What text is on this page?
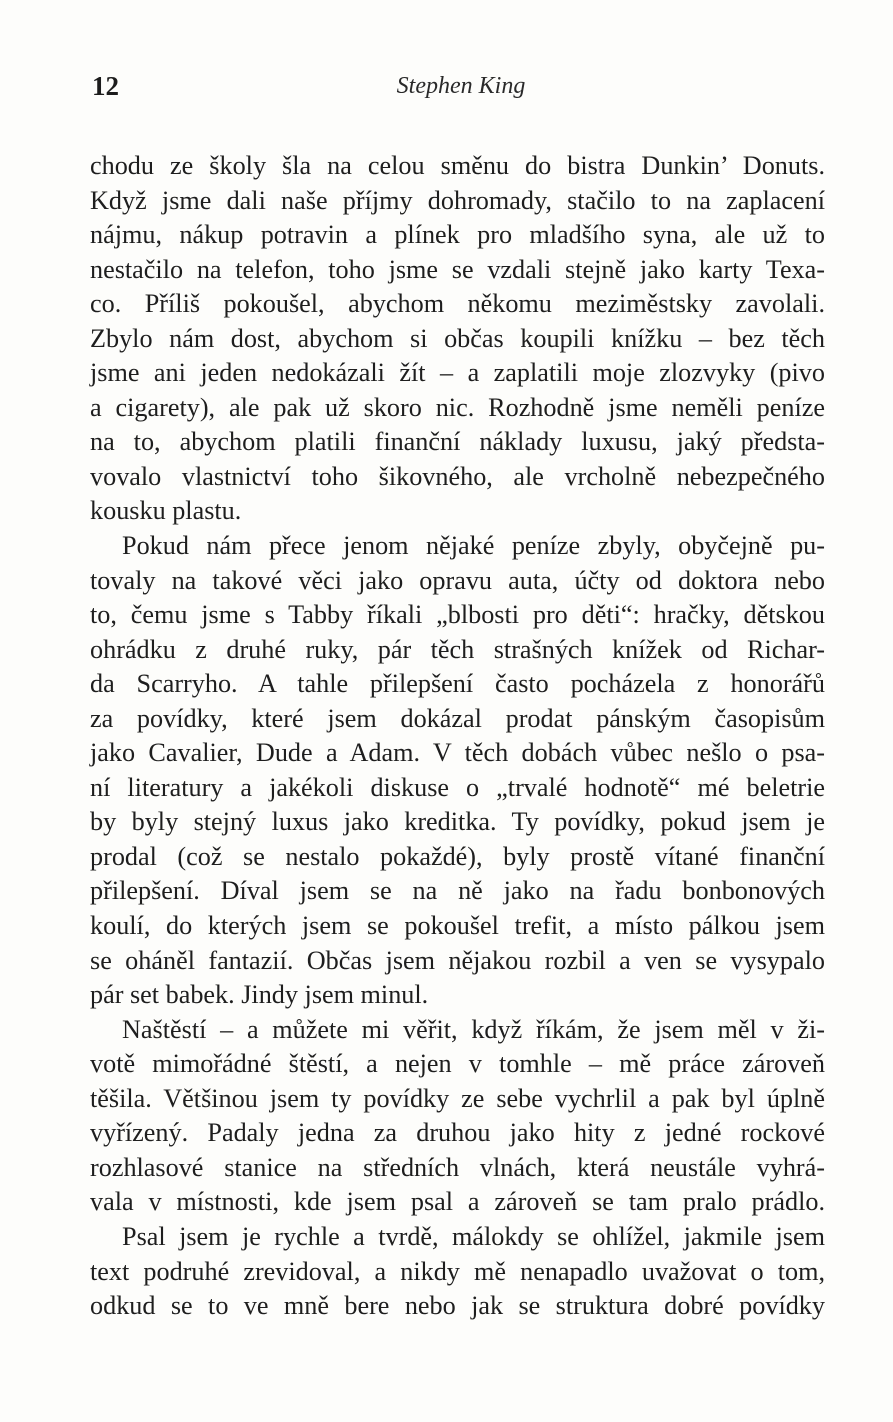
12	Stephen King
chodu ze školy šla na celou směnu do bistra Dunkin’ Donuts.
Když jsme dali naše příjmy dohromady, stačilo to na zaplacení
nájmu, nákup potravin a plínek pro mladšího syna, ale už to
nestačilo na telefon, toho jsme se vzdali stejně jako karty Texa-
co. Příliš pokoušel, abychom někomu meziměstsky zavolali.
Zbylo nám dost, abychom si občas koupili knížku – bez těch
jsme ani jeden nedokázali žít – a zaplatili moje zlozvyky (pivo
a cigarety), ale pak už skoro nic. Rozhodně jsme neměli peníze
na to, abychom platili finanční náklady luxusu, jaký předsta-
vovalo vlastnictví toho šikovného, ale vrcholně nebezpečného
kousku plastu.
Pokud nám přece jenom nějaké peníze zbyly, obyčejně pu-
tovaly na takové věci jako opravu auta, účty od doktora nebo
to, čemu jsme s Tabby říkali „blbosti pro děti“: hračky, dětskou
ohrádku z druhé ruky, pár těch strašných knížek od Richar-
da Scarryho. A tahle přilepšení často pocházela z honorářů
za povídky, které jsem dokázal prodat pánským časopisům
jako Cavalier, Dude a Adam. V těch dobách vůbec nešlo o psa-
ní literatury a jakékoli diskuse o „trvalé hodnotě“ mé beletrie
by byly stejný luxus jako kreditka. Ty povídky, pokud jsem je
prodal (což se nestalo pokaždé), byly prostě vítané finanční
přilepšení. Díval jsem se na ně jako na řadu bonbonových
koulí, do kterých jsem se pokoušel trefit, a místo pálkou jsem
se oháněl fantazií. Občas jsem nějakou rozbil a ven se vysypalo
pár set babek. Jindy jsem minul.
Naštěstí – a můžete mi věřit, když říkám, že jsem měl v ži-
votě mimořádné štěstí, a nejen v tomhle – mě práce zároveň
těšila. Většinou jsem ty povídky ze sebe vychrlil a pak byl úplně
vyřízený. Padaly jedna za druhou jako hity z jedné rockové
rozhlasové stanice na středních vlnách, která neustále vyhrá-
vala v místnosti, kde jsem psal a zároveň se tam pralo prádlo.
Psal jsem je rychle a tvrdě, málokdy se ohlížel, jakmile jsem
text podruhé zrevidoval, a nikdy mě nenapadlo uvažovat o tom,
odkud se to ve mně bere nebo jak se struktura dobré povídky
